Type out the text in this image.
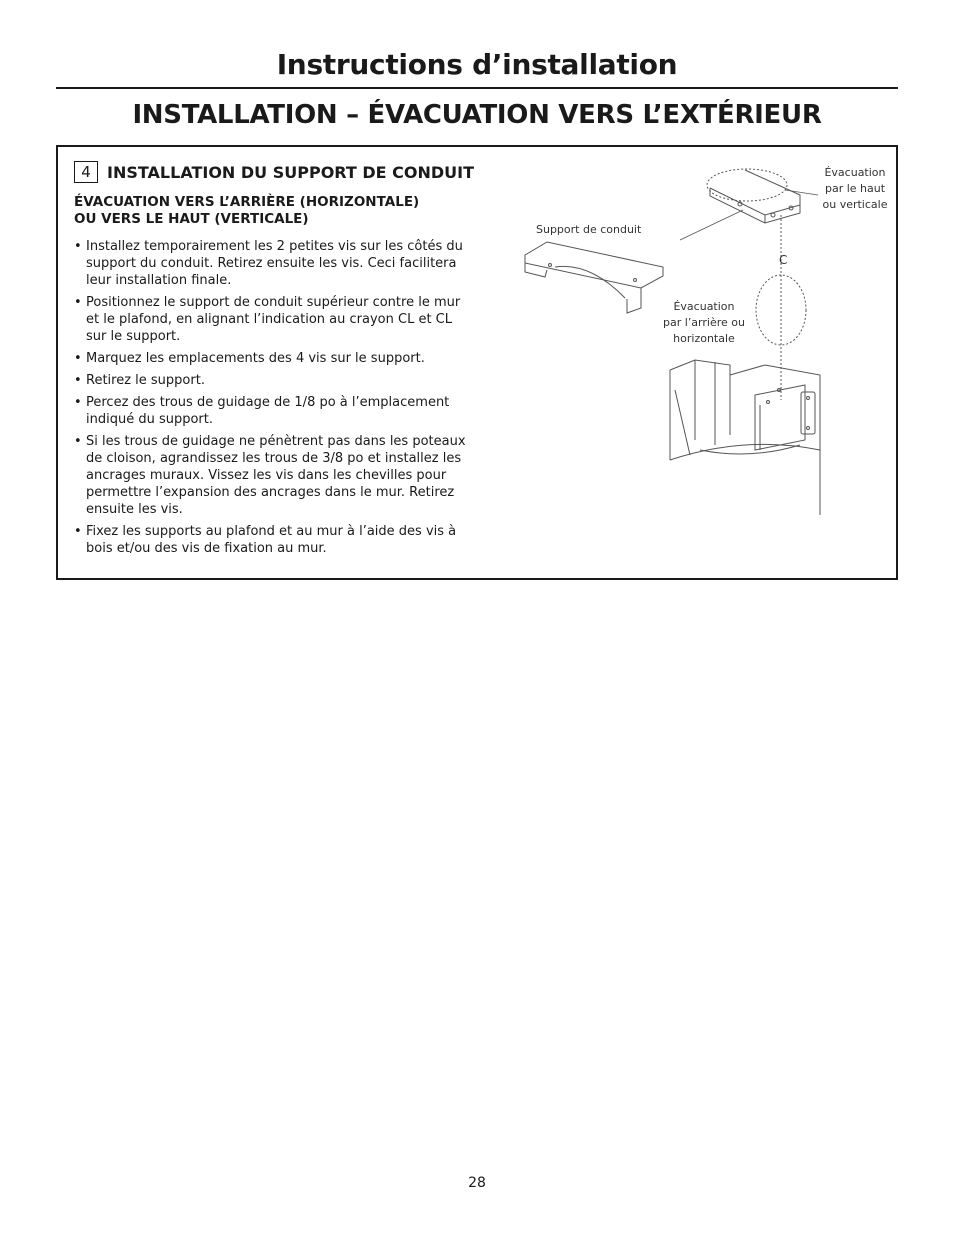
Instructions d’installation
INSTALLATION – ÉVACUATION VERS L’EXTÉRIEUR
4	INSTALLATION DU SUPPORT DE CONDUIT
ÉVACUATION VERS L’ARRIÈRE (HORIZONTALE)
OU VERS LE HAUT (VERTICALE)
• Installez temporairement les 2 petites vis sur les côtés du support du conduit. Retirez ensuite les vis. Ceci facilitera leur installation finale.
• Positionnez le support de conduit supérieur contre le mur et le plafond, en alignant l’indication au crayon CL et CL sur le support.
• Marquez les emplacements des 4 vis sur le support.
• Retirez le support.
• Percez des trous de guidage de 1/8 po à l’emplacement indiqué du support.
• Si les trous de guidage ne pénètrent pas dans les poteaux de cloison, agrandissez les trous de 3/8 po et installez les ancrages muraux. Vissez les vis dans les chevilles pour permettre l’expansion des ancrages dans le mur. Retirez ensuite les vis.
• Fixez les supports au plafond et au mur à l’aide des vis à bois et/ou des vis de fixation au mur.
Évacuation
par le haut
ou verticale
Support de conduit
C
Évacuation
par l’arrière ou
horizontale
28
